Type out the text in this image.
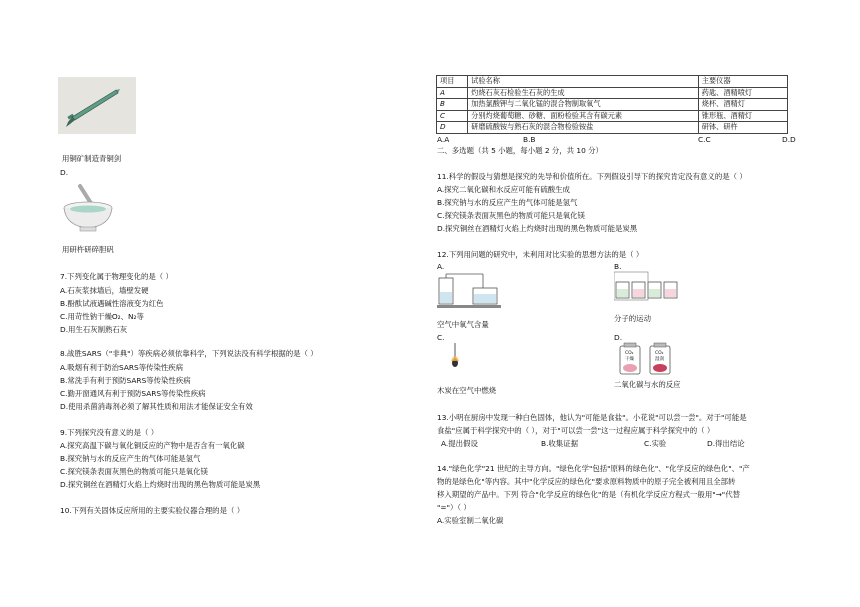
用铜矿制造青铜剑
D.
用研杵研碎胆矾
7.下列变化属于物理变化的是（ ）
A.石灰浆抹墙后，墙壁发硬
B.酚酞试液遇碱性溶液变为红色
C.用苛性钠干燥O₂、N₂等
D.用生石灰制熟石灰
8.战胜SARS（"非典"）等疾病必须依靠科学，下列说法没有科学根据的是（ ）
A.吸烟有利于防治SARS等传染性疾病
B.常洗手有利于预防SARS等传染性疾病
C.勤开窗通风有利于预防SARS等传染性疾病
D.使用杀菌消毒剂必须了解其性质和用法才能保证安全有效
9.下列探究没有意义的是（ ）
A.探究高温下碳与氧化铜反应的产物中是否含有一氧化碳
B.探究钠与水的反应产生的气体可能是氢气
C.探究镁条表面灰黑色的物质可能只是氧化镁
D.探究铜丝在酒精灯火焰上灼烧时出现的黑色物质可能是炭黑
10.下列有关固体反应所用的主要实验仪器合理的是（ ）
项目	试验名称	主要仪器
A	灼烧石灰石检验生石灰的生成	药匙、酒精喷灯
B	加热氯酸钾与二氧化锰的混合物制取氧气	烧杯、酒精灯
C	分别灼烧葡萄糖、砂糖、面粉检验其含有碳元素	锥形瓶、酒精灯
D	研磨硫酸铵与熟石灰的混合物检验铵盐	研钵、研杵
A.A	B.B	C.C	D.D
二、多选题（共 5 小题，每小题 2 分，共 10 分）
11.科学的假设与猜想是探究的先导和价值所在。下列假设引导下的探究肯定没有意义的是（ ）
A.探究二氧化碳和水反应可能有硫酸生成
B.探究钠与水的反应产生的气体可能是氢气
C.探究镁条表面灰黑色的物质可能只是氧化镁
D.探究铜丝在酒精灯火焰上灼烧时出现的黑色物质可能是炭黑
12.下列用问题的研究中，未利用对比实验的思想方法的是（ ）
A.	B.
空气中氧气含量
分子的运动
C.	D.
CO₂
干燥
CO₂
湿润
木炭在空气中燃烧
二氧化碳与水的反应
13.小明在厨房中发现一种白色固体，他认为"可能是食盐"。小花说"可以尝一尝"。对于"可能是
食盐"应属于科学探究中的（ ），对于"可以尝一尝"这一过程应属于科学探究中的（ ）
A.提出假设	B.收集证据	C.实验	D.得出结论
14."绿色化学"21 世纪的主导方向。"绿色化学"包括"原料的绿色化"、"化学反应的绿色化"、"产
物的是绿色化"等内容。其中"化学反应的绿色化"要求原料物质中的原子完全被利用且全部转
移入期望的产品中。下列 符合"化学反应的绿色化"的是（有机化学反应方程式一般用"→"代替
"="）（ ）
A.实验室制二氧化碳
